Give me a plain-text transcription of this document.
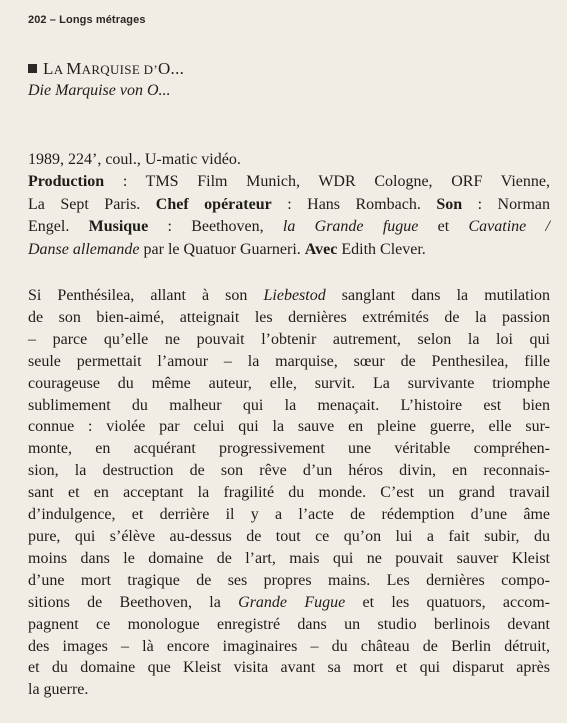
202 – Longs métrages
LA MARQUISE D’O...
Die Marquise von O...
1989, 224’, coul., U-matic vidéo.
Production : TMS Film Munich, WDR Cologne, ORF Vienne,
La Sept Paris. Chef opérateur : Hans Rombach. Son : Norman
Engel. Musique : Beethoven, la Grande fugue et Cavatine /
Danse allemande par le Quatuor Guarneri. Avec Edith Clever.
Si Penthésilea, allant à son Liebestod sanglant dans la mutilation
de son bien-aimé, atteignait les dernières extrémités de la passion
– parce qu’elle ne pouvait l’obtenir autrement, selon la loi qui
seule permettait l’amour – la marquise, sœur de Penthesilea, fille
courageuse du même auteur, elle, survit. La survivante triomphe
sublimement du malheur qui la menaçait. L’histoire est bien
connue : violée par celui qui la sauve en pleine guerre, elle sur-
monte, en acquérant progressivement une véritable compréhen-
sion, la destruction de son rêve d’un héros divin, en reconnais-
sant et en acceptant la fragilité du monde. C’est un grand travail
d’indulgence, et derrière il y a l’acte de rédemption d’une âme
pure, qui s’élève au-dessus de tout ce qu’on lui a fait subir, du
moins dans le domaine de l’art, mais qui ne pouvait sauver Kleist
d’une mort tragique de ses propres mains. Les dernières compo-
sitions de Beethoven, la Grande Fugue et les quatuors, accom-
pagnent ce monologue enregistré dans un studio berlinois devant
des images – là encore imaginaires – du château de Berlin détruit,
et du domaine que Kleist visita avant sa mort et qui disparut après
la guerre.
